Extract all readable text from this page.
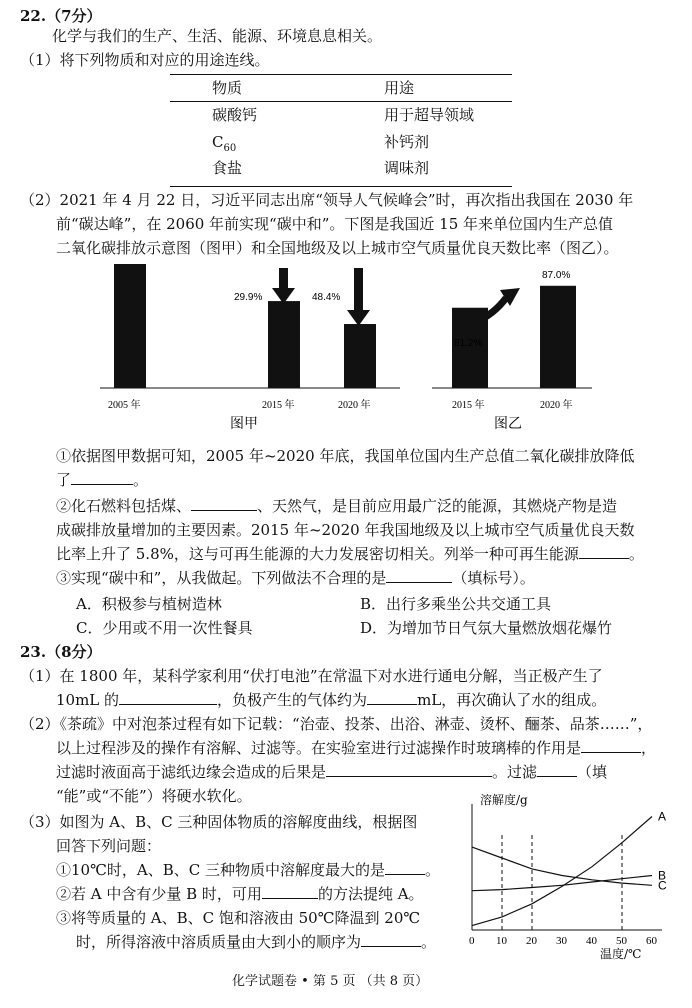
22.（7分）
化学与我们的生产、生活、能源、环境息息相关。
（1）将下列物质和对应的用途连线。
物质	用途
碳酸钙	用于超导领域
$C_{60}$	补钙剂
食盐	调味剂
（2）2021 年 4 月 22 日，习近平同志出席“领导人气候峰会”时，再次指出我国在 2030 年
前“碳达峰”，在 2060 年前实现“碳中和”。下图是我国近 15 年来单位国内生产总值
二氧化碳排放示意图（图甲）和全国地级及以上城市空气质量优良天数比率（图乙）。
29.9%	48.4%
2005 年	2015 年	2020 年
图甲
81.2%
87.0%
2015 年	2020 年
图乙
①依据图甲数据可知，2005 年~2020 年底，我国单位国内生产总值二氧化碳排放降低
了	。
②化石燃料包括煤、	、天然气，是目前应用最广泛的能源，其燃烧产物是造
成碳排放量增加的主要因素。2015 年~2020 年我国地级及以上城市空气质量优良天数
比率上升了 5.8%，这与可再生能源的大力发展密切相关。列举一种可再生能源	。
③实现“碳中和”，从我做起。下列做法不合理的是	（填标号）。
A．积极参与植树造林	B．出行多乘坐公共交通工具
C．少用或不用一次性餐具	D．为增加节日气氛大量燃放烟花爆竹
23.（8分）
（1）在 1800 年，某科学家利用“伏打电池”在常温下对水进行通电分解，当正极产生了
10mL 的	，负极产生的气体约为	mL，再次确认了水的组成。
（2）《茶疏》中对泡茶过程有如下记载：“治壶、投茶、出浴、淋壶、烫杯、酾茶、品茶……”，
以上过程涉及的操作有溶解、过滤等。在实验室进行过滤操作时玻璃棒的作用是	，
过滤时液面高于滤纸边缘会造成的后果是	。过滤	（填
“能”或“不能”）将硬水软化。
（3）如图为 A、B、C 三种固体物质的溶解度曲线，根据图
回答下列问题：
①10℃时，A、B、C 三种物质中溶解度最大的是	。
②若 A 中含有少量 B 时，可用	的方法提纯 A。
③将等质量的 A、B、C 饱和溶液由 50℃降温到 20℃
时，所得溶液中溶质质量由大到小的顺序为	。
溶解度/g
温度/℃
0 10 20 30 40 50 60
A
B
C
化学试题卷 • 第 5 页 （共 8 页）
